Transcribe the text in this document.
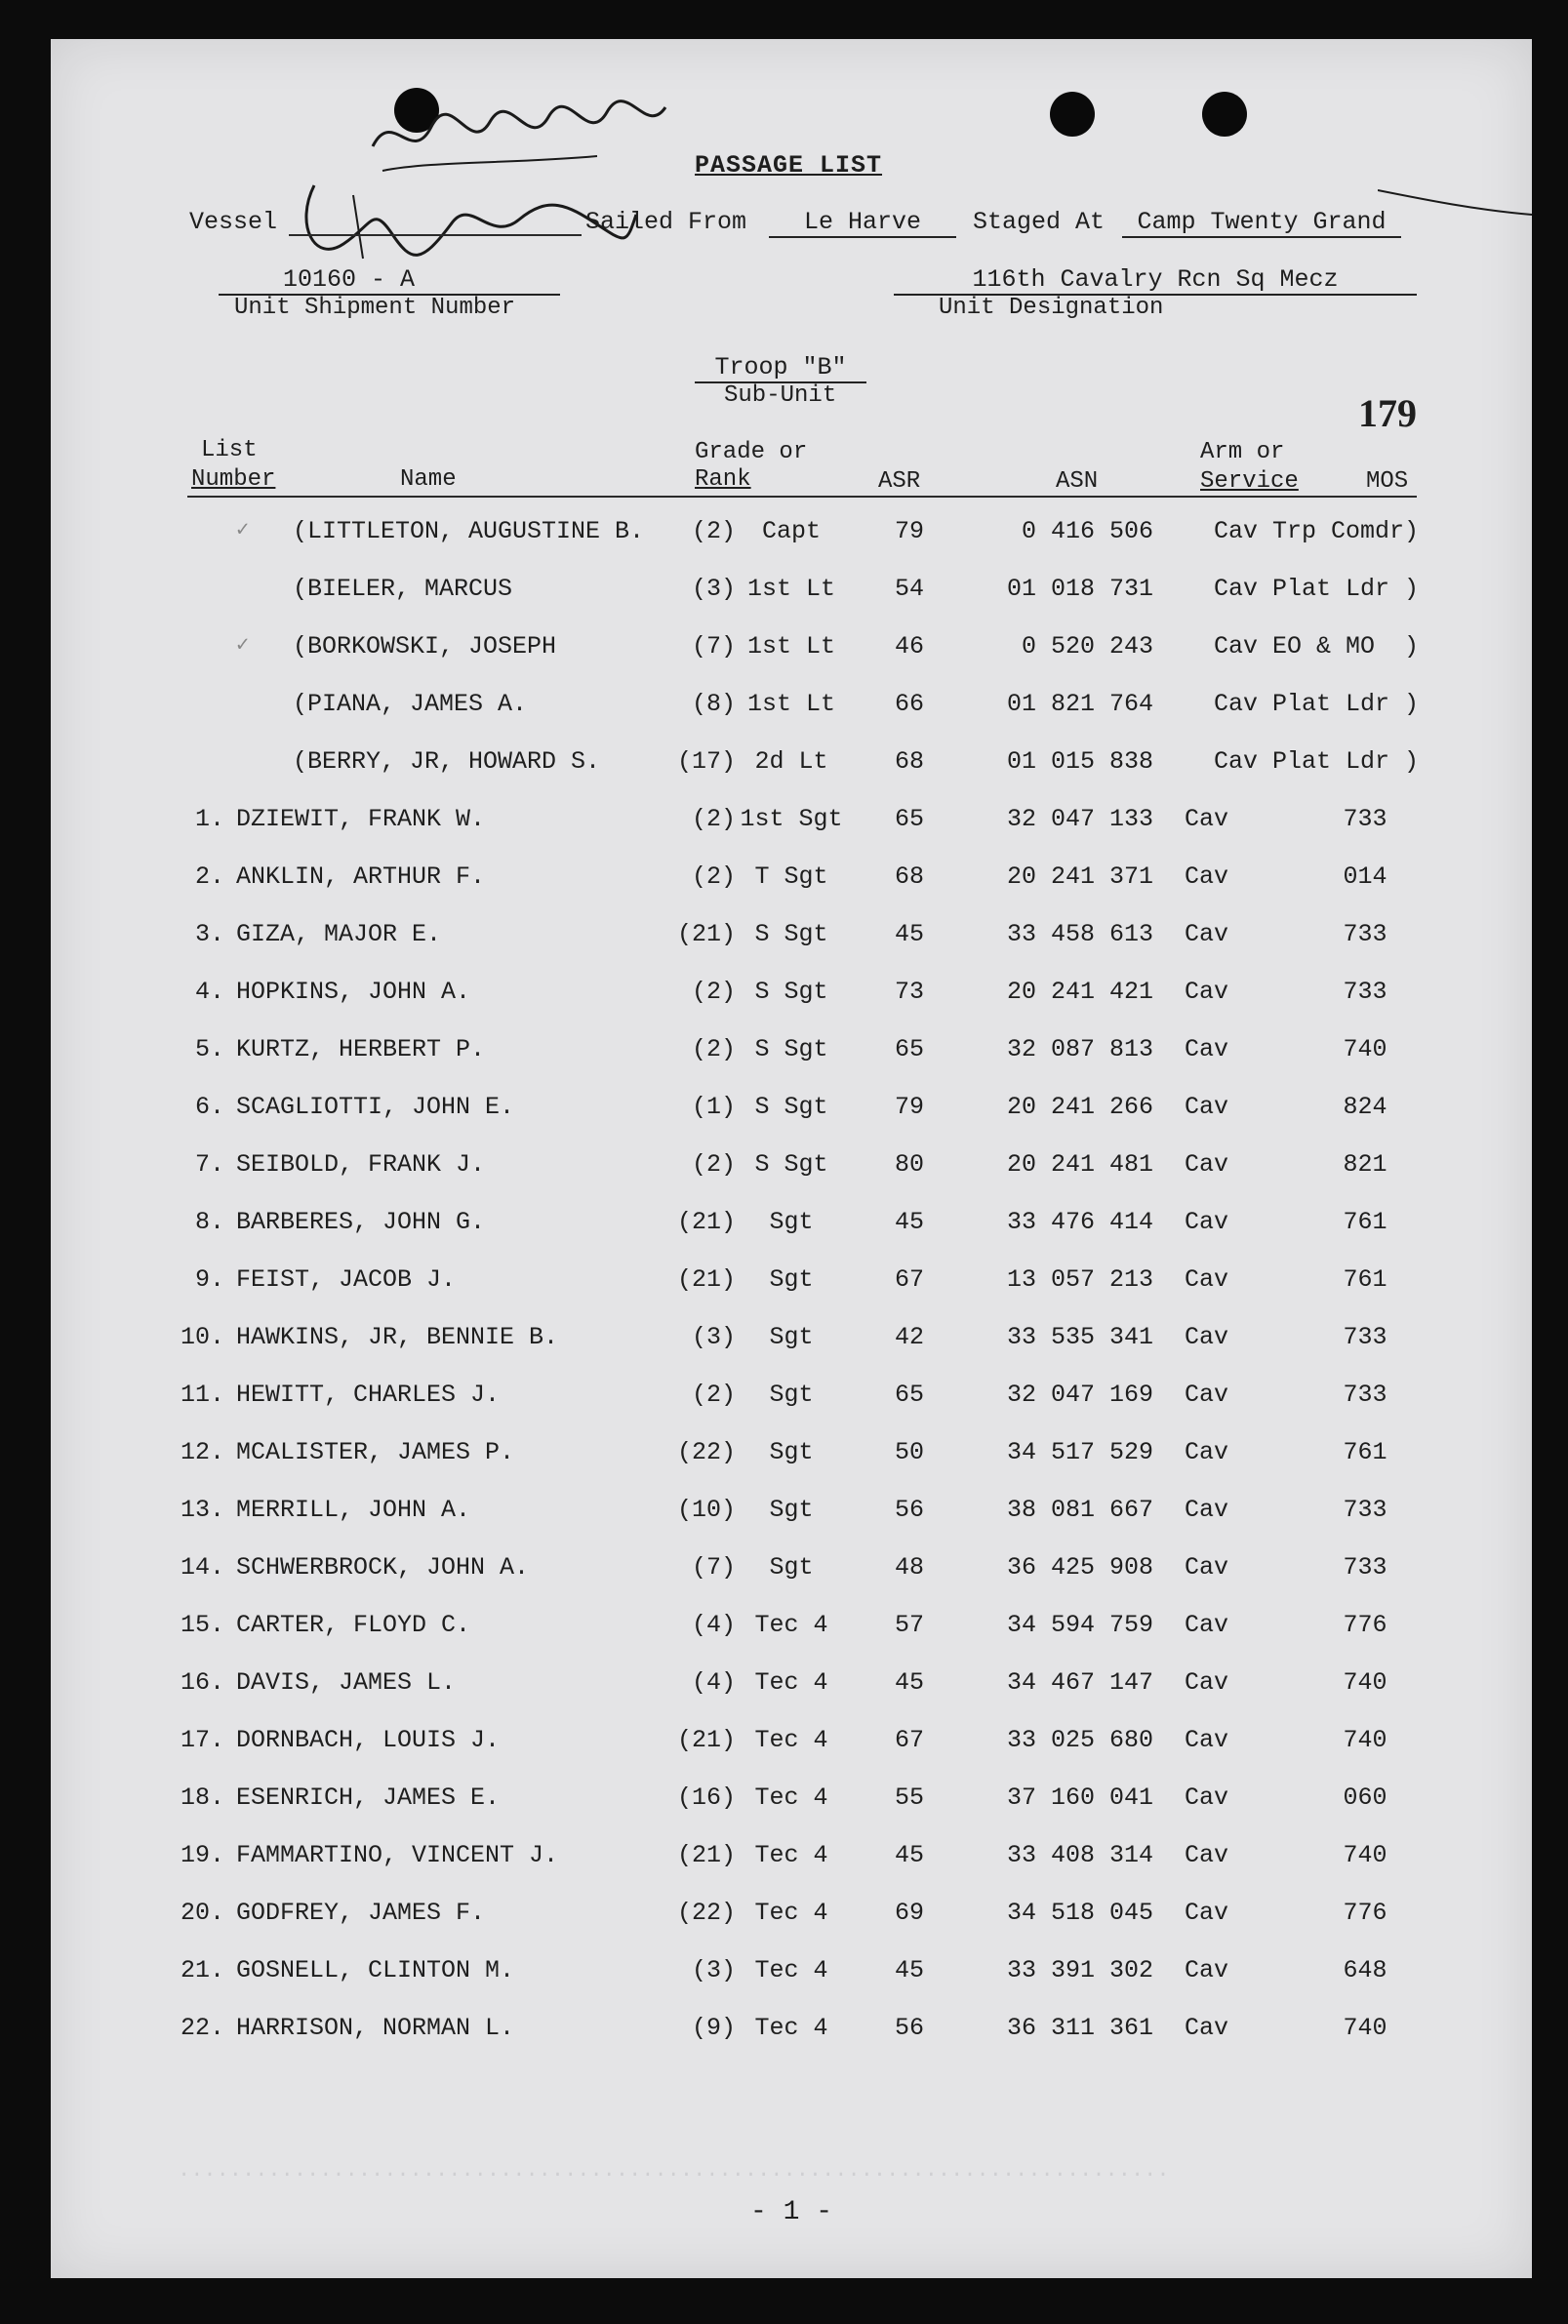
PASSAGE LIST
Vessel	Sailed From	Le Harve	Staged At	Camp Twenty Grand
10160 - A
Unit Shipment Number
116th Cavalry Rcn Sq Mecz
Unit Designation
Troop "B"
Sub-Unit	179
List
Number	Name
Grade or
Rank	ASR	ASN
Arm or
Service	MOS
✓ (LITTLETON, AUGUSTINE B.	(2)	Capt	79	0 416 506 Cav Trp Comdr)
(BIELER, MARCUS	(3) 1st Lt	54	01 018 731 Cav Plat Ldr )
✓ (BORKOWSKI, JOSEPH	(7) 1st Lt	46	0 520 243 Cav EO & MO  )
(PIANA, JAMES A.	(8) 1st Lt	66	01 821 764 Cav Plat Ldr )
(BERRY, JR, HOWARD S.	(17) 2d Lt	68	01 015 838 Cav Plat Ldr )
1. DZIEWIT, FRANK W.	(2) 1st Sgt	65	32 047 133 Cav	733
2. ANKLIN, ARTHUR F.	(2) T Sgt	68	20 241 371 Cav	014
3. GIZA, MAJOR E.	(21) S Sgt	45	33 458 613 Cav	733
4. HOPKINS, JOHN A.	(2) S Sgt	73	20 241 421 Cav	733
5. KURTZ, HERBERT P.	(2) S Sgt	65	32 087 813 Cav	740
6. SCAGLIOTTI, JOHN E.	(1) S Sgt	79	20 241 266 Cav	824
7. SEIBOLD, FRANK J.	(2) S Sgt	80	20 241 481 Cav	821
8. BARBERES, JOHN G.	(21)	Sgt	45	33 476 414 Cav	761
9. FEIST, JACOB J.	(21)	Sgt	67	13 057 213 Cav	761
10. HAWKINS, JR, BENNIE B.	(3)	Sgt	42	33 535 341 Cav	733
11. HEWITT, CHARLES J.	(2)	Sgt	65	32 047 169 Cav	733
12. MCALISTER, JAMES P.	(22)	Sgt	50	34 517 529 Cav	761
13. MERRILL, JOHN A.	(10)	Sgt	56	38 081 667 Cav	733
14. SCHWERBROCK, JOHN A.	(7)	Sgt	48	36 425 908 Cav	733
15. CARTER, FLOYD C.	(4) Tec 4	57	34 594 759 Cav	776
16. DAVIS, JAMES L.	(4) Tec 4	45	34 467 147 Cav	740
17. DORNBACH, LOUIS J.	(21) Tec 4	67	33 025 680 Cav	740
18. ESENRICH, JAMES E.	(16) Tec 4	55	37 160 041 Cav	060
19. FAMMARTINO, VINCENT J.	(21) Tec 4	45	33 408 314 Cav	740
20. GODFREY, JAMES F.	(22) Tec 4	69	34 518 045 Cav	776
21. GOSNELL, CLINTON M.	(3) Tec 4	45	33 391 302 Cav	648
22. HARRISON, NORMAN L.	(9) Tec 4	56	36 311 361 Cav	740
.............................................................................
- 1 -
